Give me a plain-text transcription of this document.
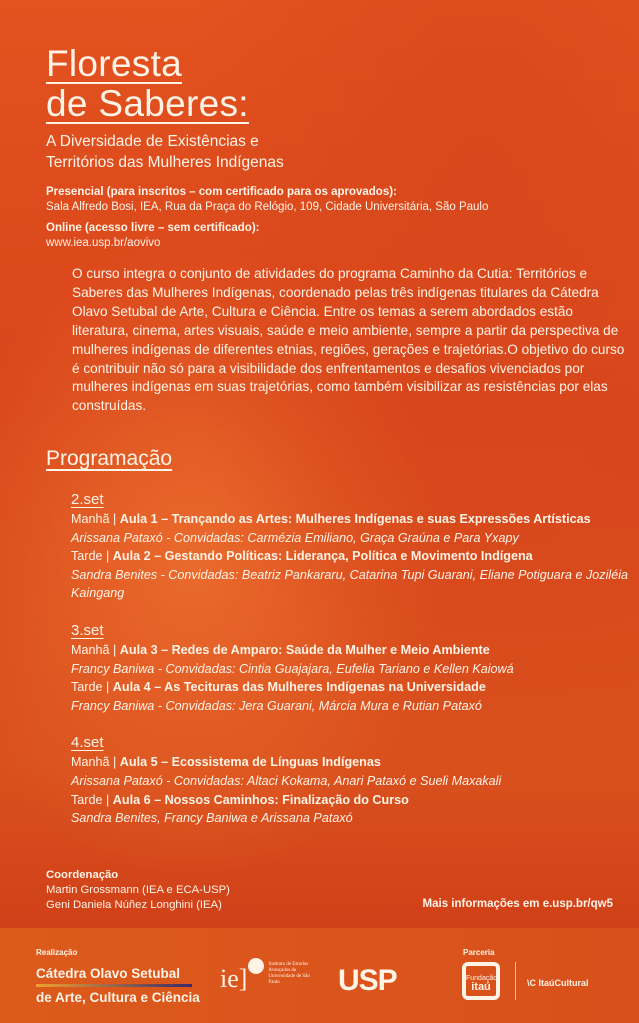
Floresta
de Saberes:
A Diversidade de Existências e
Territórios das Mulheres Indígenas
Presencial (para inscritos – com certificado para os aprovados):
Sala Alfredo Bosi, IEA, Rua da Praça do Relógio, 109, Cidade Universitária, São Paulo
Online (acesso livre – sem certificado):
www.iea.usp.br/aovivo
O curso integra o conjunto de atividades do programa Caminho da Cutia: Territórios e Saberes das Mulheres Indígenas, coordenado pelas três indígenas titulares da Cátedra Olavo Setubal de Arte, Cultura e Ciência. Entre os temas a serem abordados estão literatura, cinema, artes visuais, saúde e meio ambiente, sempre a partir da perspectiva de mulheres indígenas de diferentes etnias, regiões, gerações e trajetórias.O objetivo do curso é contribuir não só para a visibilidade dos enfrentamentos e desafios vivenciados por mulheres indígenas em suas trajetórias, como também visibilizar as resistências por elas construídas.
Programação
2.set
Manhã | Aula 1 – Trançando as Artes: Mulheres Indígenas e suas Expressões Artísticas
Arissana Pataxó - Convidadas: Carmézia Emiliano, Graça Graúna e Para Yxapy
Tarde | Aula 2 – Gestando Políticas: Liderança, Política e Movimento Indígena
Sandra Benites - Convidadas: Beatriz Pankararu, Catarina Tupi Guarani, Eliane Potiguara e Joziléia Kaingang
3.set
Manhã | Aula 3 – Redes de Amparo: Saúde da Mulher e Meio Ambiente
Francy Baniwa - Convidadas: Cintia Guajajara, Eufelia Tariano e Kellen Kaiowá
Tarde | Aula 4 – As Tecituras das Mulheres Indígenas na Universidade
Francy Baniwa - Convidadas: Jera Guarani, Márcia Mura e Rutian Pataxó
4.set
Manhã | Aula 5 – Ecossistema de Línguas Indígenas
Arissana Pataxó - Convidadas: Altaci Kokama, Anari Pataxó e Sueli Maxakali
Tarde | Aula 6 – Nossos Caminhos: Finalização do Curso
Sandra Benites, Francy Baniwa e Arissana Pataxó
Coordenação
Martin Grossmann (IEA e ECA-USP)
Geni Daniela Núñez Longhini (IEA)	Mais informações em e.usp.br/qw5
Realização
Cátedra Olavo Setubal
de Arte, Cultura e Ciência
ie]	Instituto de Estudos Avançados da Universidade de São Paulo	USP
Parceria
Fundação
itaú	\C ItaúCultural
